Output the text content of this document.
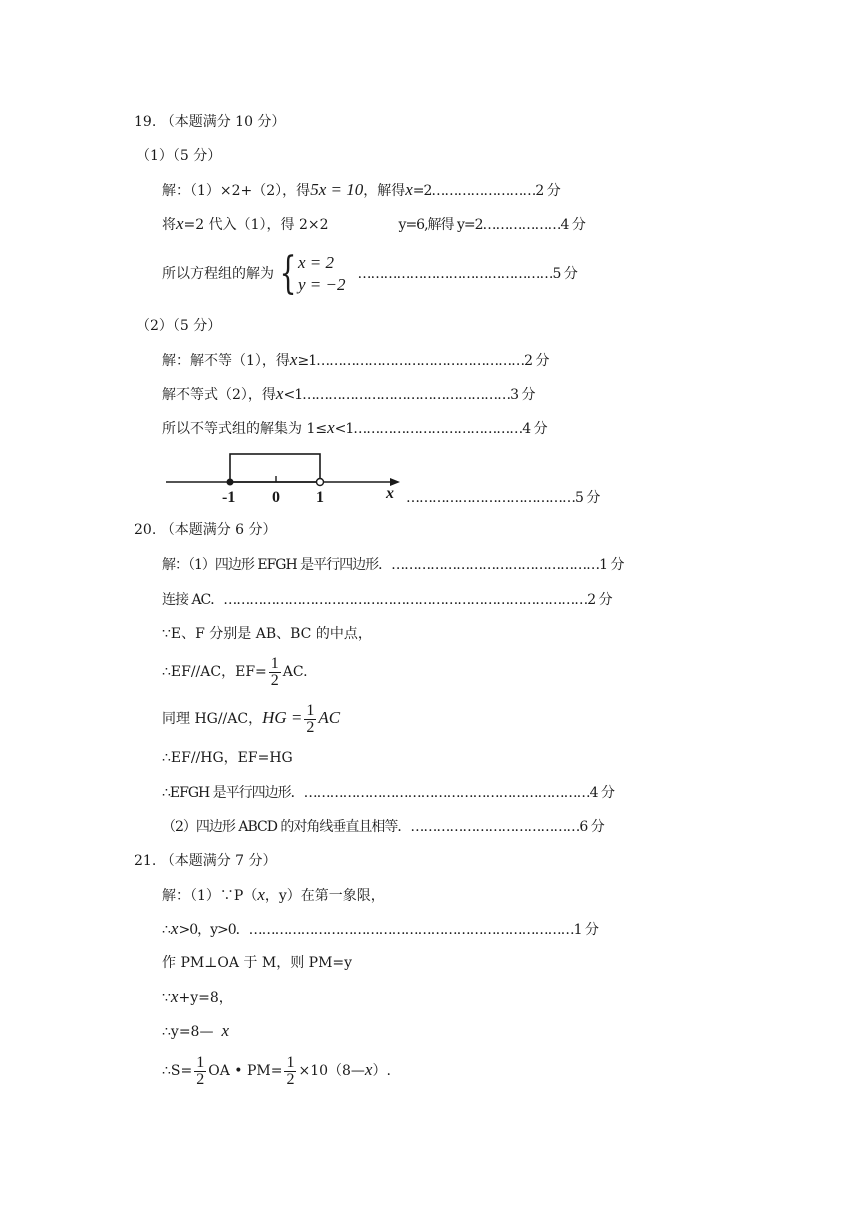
19. （本题满分 10 分）
（1）（5 分）
解：（1）×2+（2），得5x = 10，解得x=2……………………2 分
将x=2 代入（1），得 2×2	y=6,解得 y=2………………4 分
所以方程组的解为 { x = 2
y = −2
………………………………………5 分
（2）（5 分）
解：解不等（1），得x≥1…………………………………………2 分
解不等式（2），得x<1…………………………………………3 分
所以不等式组的解集为 1≤x<1…………………………………4 分
-1 0 1	x …………………………………5 分
20. （本题满分 6 分）
解：（1）四边形 EFGH 是平行四边形．…………………………………………1 分
连接 AC．…………………………………………………………………………2 分
∵E、F 分别是 AB、BC 的中点，
∴EF//AC，$EF= \frac{1}{2}$ AC.
同理 HG//AC，HG = $\frac{1}{2}$ AC
∴EF//HG，EF=HG
∴EFGH 是平行四边形．…………………………………………………………4 分
（2）四边形 ABCD 的对角线垂直且相等．…………………………………6 分
21. （本题满分 7 分）
解：（1）∵P（x，y）在第一象限，
∴x>0，y>0．…………………………………………………………………1 分
作 PM⊥OA 于 M，则 PM=y
∵x+y=8，
∴y=8— x
∴S= $\frac{1}{2}$ OA • $PM= \frac{1}{2}$ ×10（8—x）.
